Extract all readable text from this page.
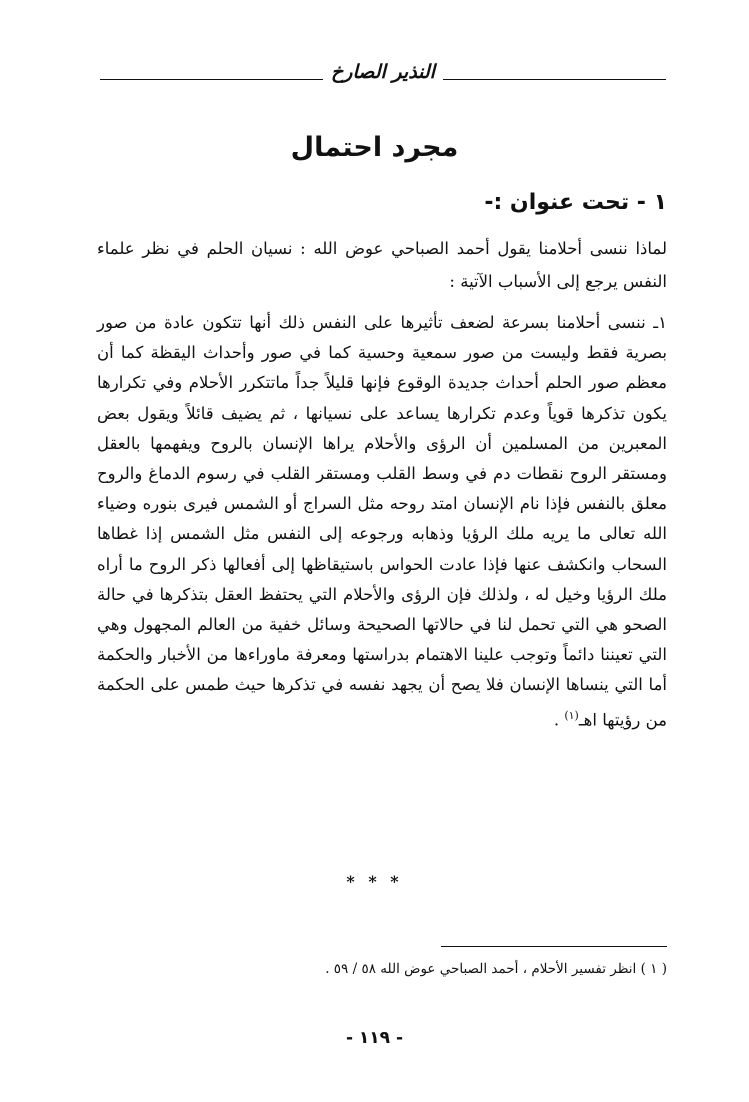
النذير الصارخ
مجرد احتمال
١ - تحت عنوان :-

لماذا ننسى أحلامنا يقول أحمد الصباحي عوض الله : نسيان الحلم في نظر علماء النفس يرجع إلى الأسباب الآتية :

١ـ ننسى أحلامنا بسرعة لضعف تأثيرها على النفس ذلك أنها تتكون عادة من صور بصرية فقط وليست من صور سمعية وحسية كما في صور وأحداث اليقظة كما أن معظم صور الحلم أحداث جديدة الوقوع فإنها قليلاً جداً ماتتكرر الأحلام وفي تكرارها يكون تذكرها قوياً وعدم تكرارها يساعد على نسيانها ، ثم يضيف قائلاً ويقول بعض المعبرين من المسلمين أن الرؤى والأحلام يراها الإنسان بالروح ويفهمها بالعقل ومستقر الروح نقطات دم في وسط القلب ومستقر القلب في رسوم الدماغ والروح معلق بالنفس فإذا نام الإنسان امتد روحه مثل السراج أو الشمس فيرى بنوره وضياء الله تعالى ما يريه ملك الرؤيا وذهابه ورجوعه إلى النفس مثل الشمس إذا غطاها السحاب وانكشف عنها فإذا عادت الحواس باستيقاظها إلى أفعالها ذكر الروح ما أراه ملك الرؤيا وخيل له ، ولذلك فإن الرؤى والأحلام التي يحتفظ العقل بتذكرها في حالة الصحو هي التي تحمل لنا في حالاتها الصحيحة وسائل خفية من العالم المجهول وهي التي تعيننا دائماً وتوجب علينا الاهتمام بدراستها ومعرفة ماوراءها من الأخبار والحكمة أما التي ينساها الإنسان فلا يصح أن يجهد نفسه في تذكرها حيث طمس على الحكمة من رؤيتها اهـ$^{(١)}$ .

* * *
( ١ ) انظر تفسير الأحلام ، أحمد الصباحي عوض الله ٥٨ / ٥٩ .
- ١١٩ -
